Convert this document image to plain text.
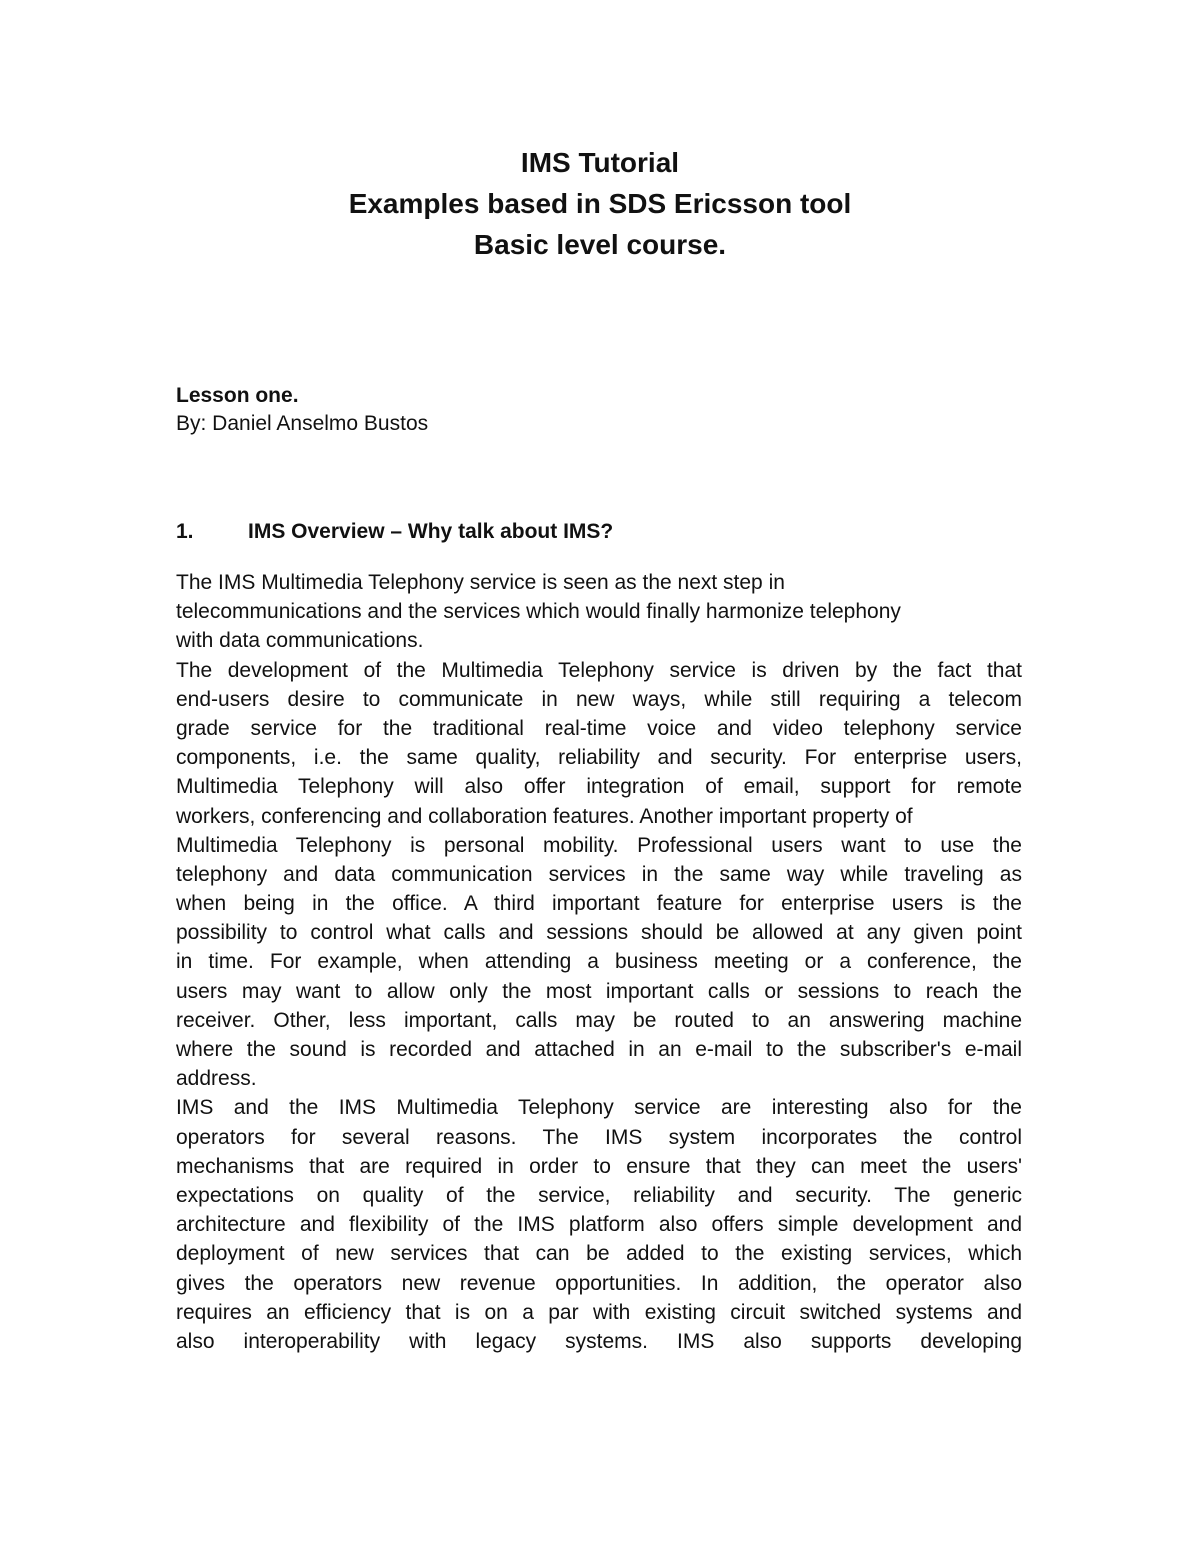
IMS Tutorial
Examples based in SDS Ericsson tool
Basic level course.
Lesson one.
By: Daniel Anselmo Bustos
1.	IMS Overview – Why talk about IMS?
The IMS Multimedia Telephony service is seen as the next step in
telecommunications and the services which would finally harmonize telephony
with data communications.
The development of the Multimedia Telephony service is driven by the fact that
end-users desire to communicate in new ways, while still requiring a telecom
grade service for the traditional real-time voice and video telephony service
components, i.e. the same quality, reliability and security. For enterprise users,
Multimedia Telephony will also offer integration of email, support for remote
workers, conferencing and collaboration features. Another important property of
Multimedia Telephony is personal mobility. Professional users want to use the
telephony and data communication services in the same way while traveling as
when being in the office. A third important feature for enterprise users is the
possibility to control what calls and sessions should be allowed at any given point
in time. For example, when attending a business meeting or a conference, the
users may want to allow only the most important calls or sessions to reach the
receiver. Other, less important, calls may be routed to an answering machine
where the sound is recorded and attached in an e-mail to the subscriber's e-mail
address.
IMS and the IMS Multimedia Telephony service are interesting also for the
operators for several reasons. The IMS system incorporates the control
mechanisms that are required in order to ensure that they can meet the users'
expectations on quality of the service, reliability and security. The generic
architecture and flexibility of the IMS platform also offers simple development and
deployment of new services that can be added to the existing services, which
gives the operators new revenue opportunities. In addition, the operator also
requires an efficiency that is on a par with existing circuit switched systems and
also interoperability with legacy systems. IMS also supports developing
